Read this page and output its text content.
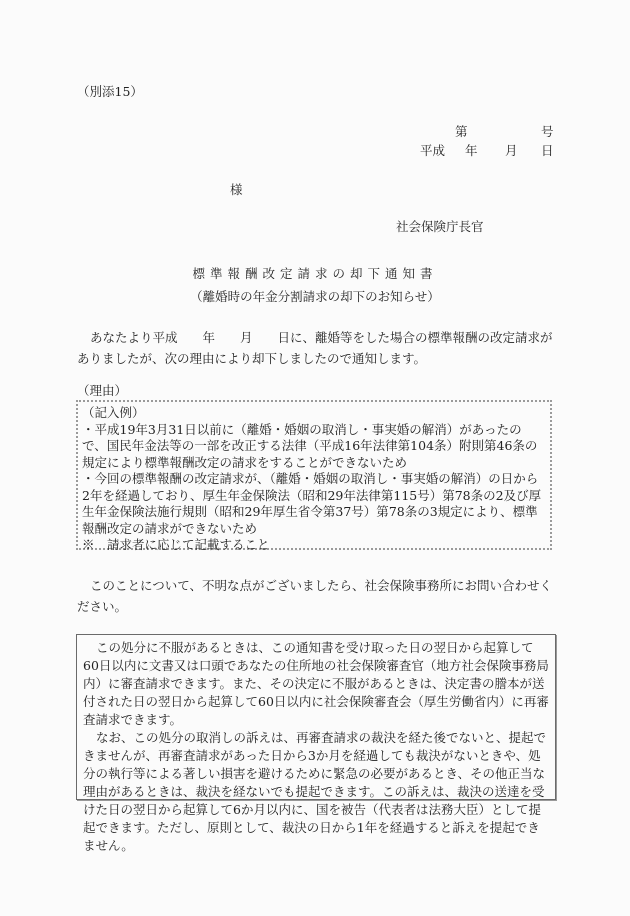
（別添15）
第	号
平成 年 月 日
様
社会保険庁長官
標準報酬改定請求の却下通知書
（離婚時の年金分割請求の却下のお知らせ）
あなたより平成　　年　　月　　日に、離婚等をした場合の標準報酬の改定請求がありましたが、次の理由により却下しましたので通知します。
（理由）
（記入例）
・平成19年3月31日以前に（離婚・婚姻の取消し・事実婚の解消）があったので、国民年金法等の一部を改正する法律（平成16年法律第104条）附則第46条の規定により標準報酬改定の請求をすることができないため
・今回の標準報酬の改定請求が、（離婚・婚姻の取消し・事実婚の解消）の日から2年を経過しており、厚生年金保険法（昭和29年法律第115号）第78条の2及び厚生年金保険法施行規則（昭和29年厚生省令第37号）第78条の3規定により、標準報酬改定の請求ができないため
※　請求者に応じて記載すること
このことについて、不明な点がございましたら、社会保険事務所にお問い合わせください。

この処分に不服があるときは、この通知書を受け取った日の翌日から起算して60日以内に文書又は口頭であなたの住所地の社会保険審査官（地方社会保険事務局内）に審査請求できます。また、その決定に不服があるときは、決定書の謄本が送付された日の翌日から起算して60日以内に社会保険審査会（厚生労働省内）に再審査請求できます。

なお、この処分の取消しの訴えは、再審査請求の裁決を経た後でないと、提起できませんが、再審査請求があった日から3か月を経過しても裁決がないときや、処分の執行等による著しい損害を避けるために緊急の必要があるとき、その他正当な理由があるときは、裁決を経ないでも提起できます。この訴えは、裁決の送達を受けた日の翌日から起算して6か月以内に、国を被告（代表者は法務大臣）として提起できます。ただし、原則として、裁決の日から1年を経過すると訴えを提起できません。
